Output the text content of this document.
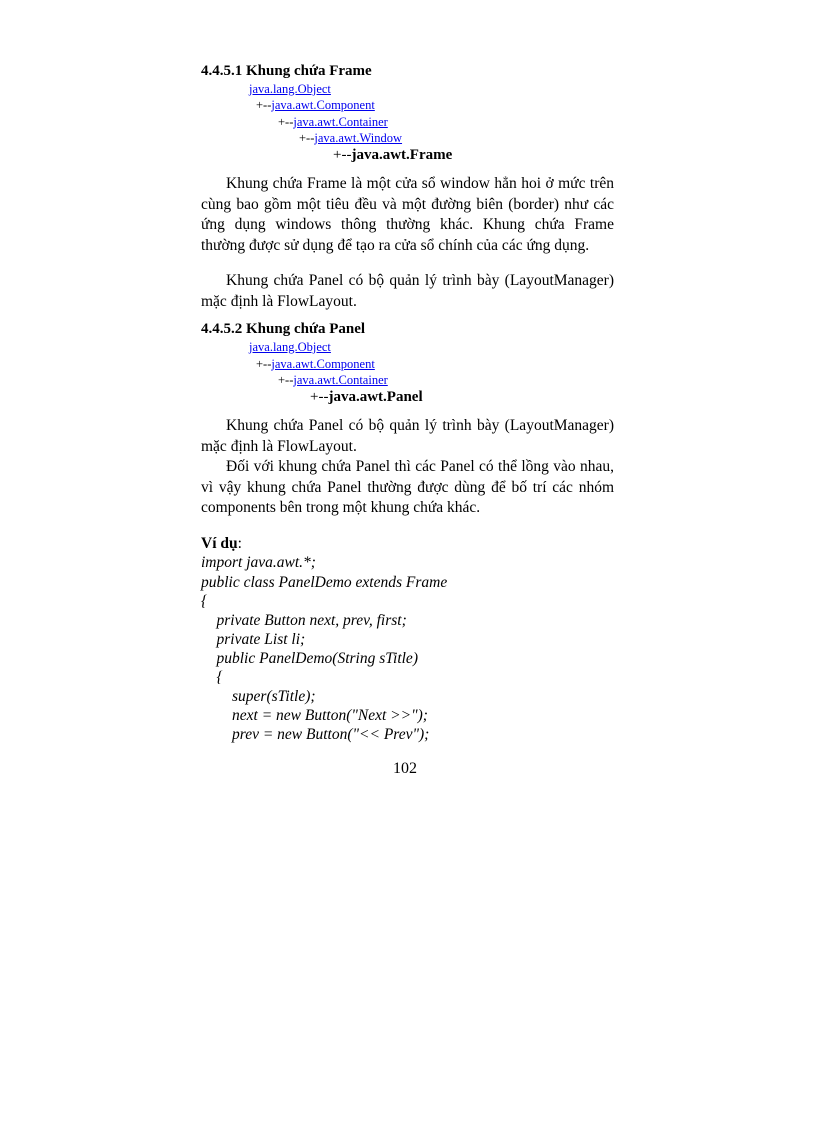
4.4.5.1 Khung chứa Frame
java.lang.Object
+--java.awt.Component
+--java.awt.Container
+--java.awt.Window
+--java.awt.Frame

Khung chứa Frame là một cửa sổ window hẳn hoi ở mức trên cùng bao gồm một tiêu đều và một đường biên (border) như các ứng dụng windows thông thường khác. Khung chứa Frame thường được sử dụng để tạo ra cửa sổ chính của các ứng dụng.

Khung chứa Panel có bộ quản lý trình bày (LayoutManager) mặc định là FlowLayout.

4.4.5.2 Khung chứa Panel
java.lang.Object
+--java.awt.Component
+--java.awt.Container
+--java.awt.Panel

Khung chứa Panel có bộ quản lý trình bày (LayoutManager) mặc định là FlowLayout.

Đối với khung chứa Panel thì các Panel có thể lồng vào nhau, vì vậy khung chứa Panel thường được dùng để bố trí các nhóm components bên trong một khung chứa khác.

Ví dụ:
import java.awt.*;
public class PanelDemo extends Frame
{
private Button next, prev, first;
private List li;
public PanelDemo(String sTitle)
{
super(sTitle);
next = new Button("Next >>");
prev = new Button("<< Prev");
102
